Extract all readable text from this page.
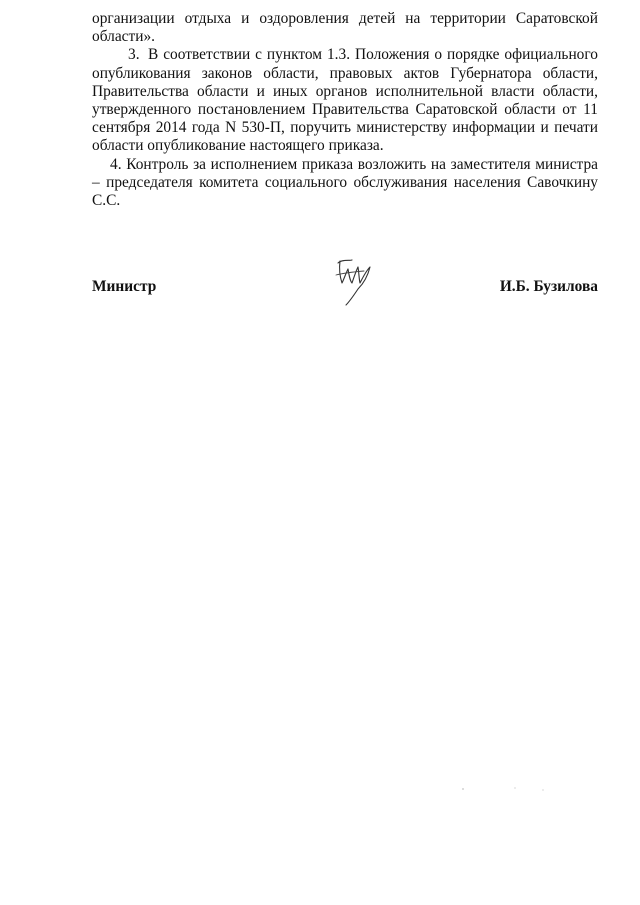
организации отдыха и оздоровления детей на территории Саратовской области».

3. В соответствии с пунктом 1.3. Положения о порядке официального опубликования законов области, правовых актов Губернатора области, Правительства области и иных органов исполнительной власти области, утвержденного постановлением Правительства Саратовской области от 11 сентября 2014 года N 530-П, поручить министерству информации и печати области опубликование настоящего приказа.

4. Контроль за исполнением приказа возложить на заместителя министра – председателя комитета социального обслуживания населения Савочкину С.С.

Министр	И.Б. Бузилова
